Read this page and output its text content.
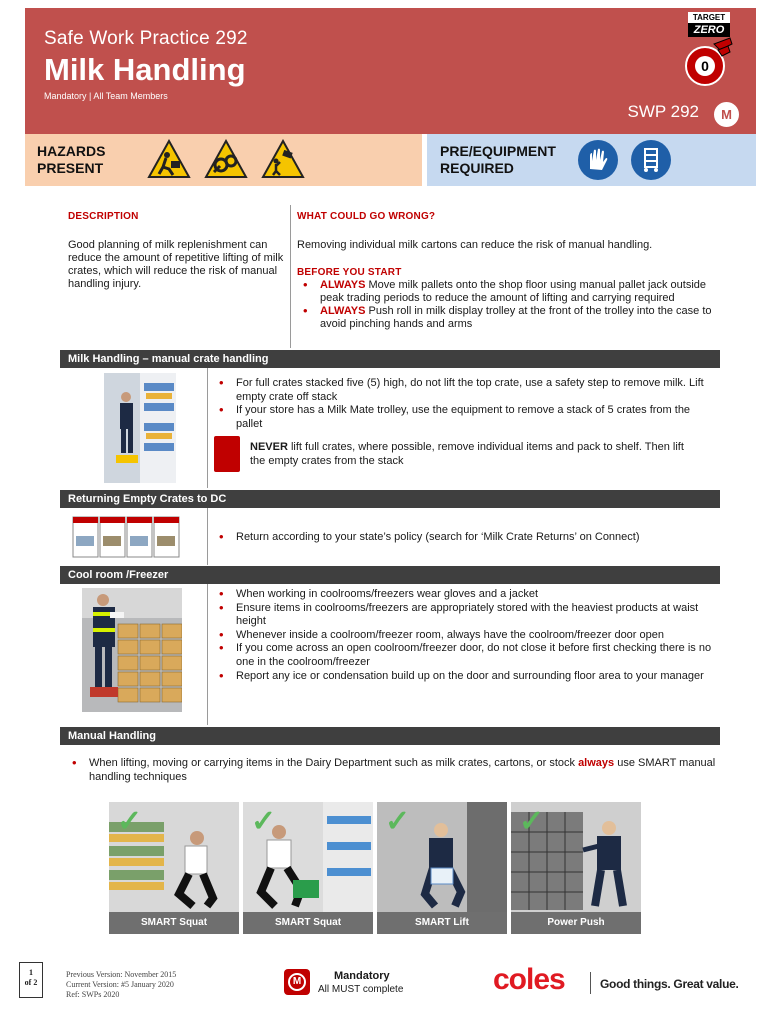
Safe Work Practice 292
Milk Handling
Mandatory | All Team Members
SWP 292	M
TARGET
ZERO
0
HAZARDS
PRESENT
PRE/EQUIPMENT
REQUIRED
DESCRIPTION

Good planning of milk replenishment can reduce the amount of repetitive lifting of milk crates, which will reduce the risk of manual handling injury.

WHAT COULD GO WRONG?

Removing individual milk cartons can reduce the risk of manual handling.

BEFORE YOU START
• ALWAYS Move milk pallets onto the shop floor using manual pallet jack outside peak trading periods to reduce the amount of lifting and carrying required
• ALWAYS Push roll in milk display trolley at the front of the trolley into the case to avoid pinching hands and arms
Milk Handling – manual crate handling
• For full crates stacked five (5) high, do not lift the top crate, use a safety step to remove milk. Lift empty crate off stack
• If your store has a Milk Mate trolley, use the equipment to remove a stack of 5 crates from the pallet
NEVER lift full crates, where possible, remove individual items and pack to shelf. Then lift the empty crates from the stack
Returning Empty Crates to DC
• Return according to your state’s policy (search for ‘Milk Crate Returns’ on Connect)
Cool room /Freezer
• When working in coolrooms/freezers wear gloves and a jacket
• Ensure items in coolrooms/freezers are appropriately stored with the heaviest products at waist height
• Whenever inside a coolroom/freezer room, always have the coolroom/freezer door open
• If you come across an open coolroom/freezer door, do not close it before first checking there is no one in the coolroom/freezer
• Report any ice or condensation build up on the door and surrounding floor area to your manager
Manual Handling
• When lifting, moving or carrying items in the Dairy Department such as milk crates, cartons, or stock always use SMART manual handling techniques
✓
SMART Squat
✓
SMART Squat
✓
SMART Lift
✓
Power Push
1
of 2
Previous Version: November 2015
Current Version: #5 January 2020
Ref: SWPs 2020
M	Mandatory
All MUST complete	coles	Good things. Great value.
